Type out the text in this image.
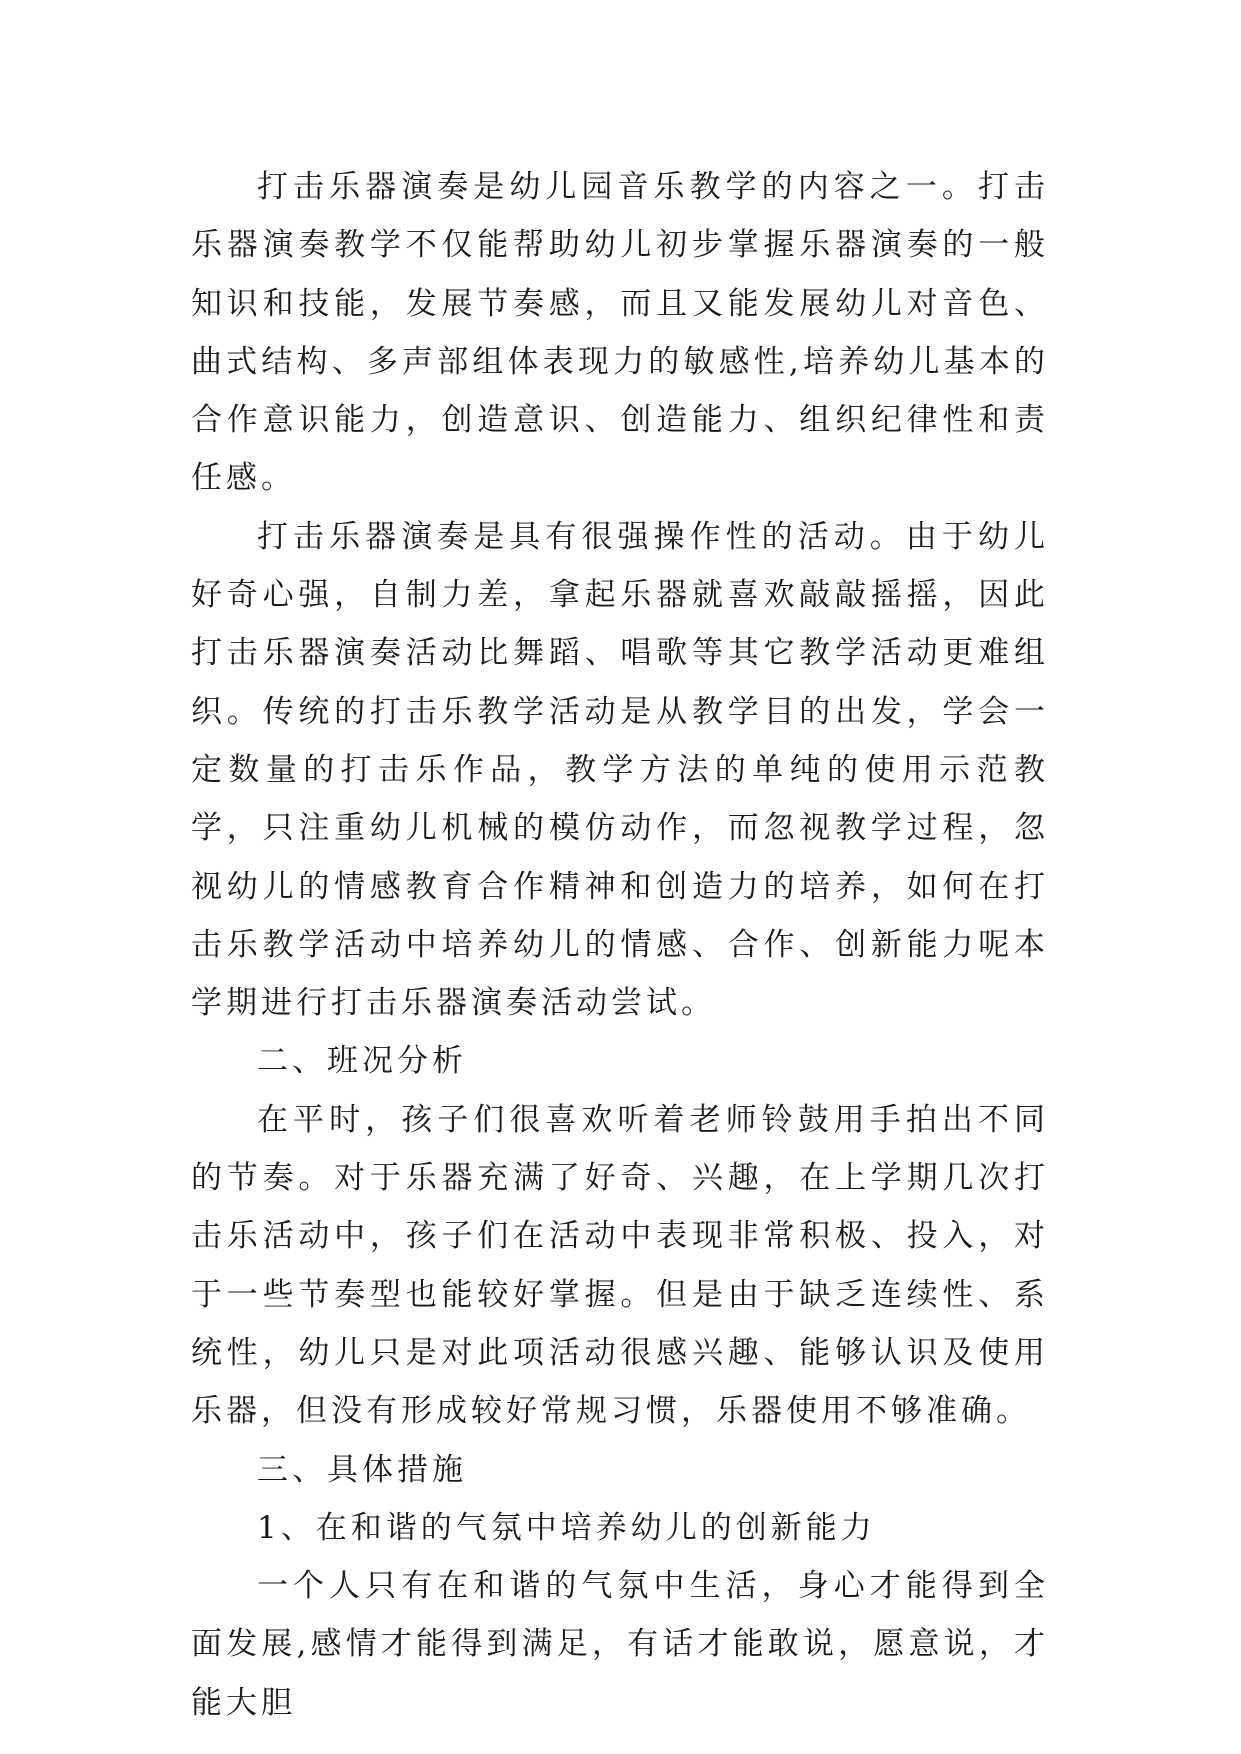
打击乐器演奏是幼儿园音乐教学的内容之一。打击乐器演奏教学不仅能帮助幼儿初步掌握乐器演奏的一般知识和技能，发展节奏感，而且又能发展幼儿对音色、曲式结构、多声部组体表现力的敏感性,培养幼儿基本的合作意识能力，创造意识、创造能力、组织纪律性和责任感。

打击乐器演奏是具有很强操作性的活动。由于幼儿好奇心强，自制力差，拿起乐器就喜欢敲敲摇摇，因此打击乐器演奏活动比舞蹈、唱歌等其它教学活动更难组织。传统的打击乐教学活动是从教学目的出发，学会一定数量的打击乐作品，教学方法的单纯的使用示范教学，只注重幼儿机械的模仿动作，而忽视教学过程，忽视幼儿的情感教育合作精神和创造力的培养，如何在打击乐教学活动中培养幼儿的情感、合作、创新能力呢本学期进行打击乐器演奏活动尝试。

二、班况分析

在平时，孩子们很喜欢听着老师铃鼓用手拍出不同的节奏。对于乐器充满了好奇、兴趣，在上学期几次打击乐活动中，孩子们在活动中表现非常积极、投入，对于一些节奏型也能较好掌握。但是由于缺乏连续性、系统性，幼儿只是对此项活动很感兴趣、能够认识及使用乐器，但没有形成较好常规习惯，乐器使用不够准确。

三、具体措施

1、在和谐的气氛中培养幼儿的创新能力

一个人只有在和谐的气氛中生活，身心才能得到全面发展,感情才能得到满足，有话才能敢说，愿意说，才能大胆
